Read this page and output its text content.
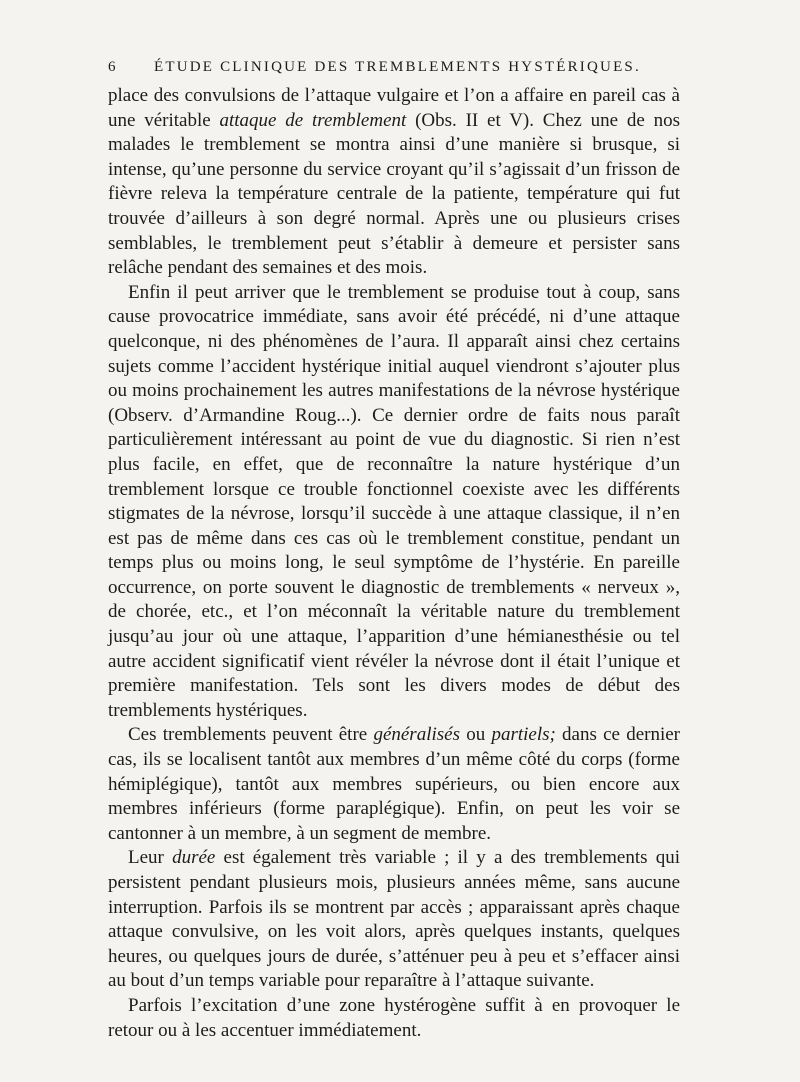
6 ÉTUDE CLINIQUE DES TREMBLEMENTS HYSTÉRIQUES.

place des convulsions de l’attaque vulgaire et l’on a affaire en pareil cas à une véritable attaque de tremblement (Obs. II et V). Chez une de nos malades le tremblement se montra ainsi d’une manière si brusque, si intense, qu’une personne du service croyant qu’il s’agissait d’un frisson de fièvre releva la température centrale de la patiente, température qui fut trouvée d’ailleurs à son degré normal. Après une ou plusieurs crises semblables, le tremblement peut s’établir à demeure et persister sans relâche pendant des semaines et des mois.

Enfin il peut arriver que le tremblement se produise tout à coup, sans cause provocatrice immédiate, sans avoir été précédé, ni d’une attaque quelconque, ni des phénomènes de l’aura. Il apparaît ainsi chez certains sujets comme l’accident hystérique initial auquel viendront s’ajouter plus ou moins prochainement les autres manifestations de la névrose hystérique (Observ. d’Armandine Roug...). Ce dernier ordre de faits nous paraît particulièrement intéressant au point de vue du diagnostic. Si rien n’est plus facile, en effet, que de reconnaître la nature hystérique d’un tremblement lorsque ce trouble fonctionnel coexiste avec les différents stigmates de la névrose, lorsqu’il succède à une attaque classique, il n’en est pas de même dans ces cas où le tremblement constitue, pendant un temps plus ou moins long, le seul symptôme de l’hystérie. En pareille occurrence, on porte souvent le diagnostic de tremblements « nerveux », de chorée, etc., et l’on méconnaît la véritable nature du tremblement jusqu’au jour où une attaque, l’apparition d’une hémianesthésie ou tel autre accident significatif vient révéler la névrose dont il était l’unique et première manifestation. Tels sont les divers modes de début des tremblements hystériques.

Ces tremblements peuvent être généralisés ou partiels; dans ce dernier cas, ils se localisent tantôt aux membres d’un même côté du corps (forme hémiplégique), tantôt aux membres supérieurs, ou bien encore aux membres inférieurs (forme paraplégique). Enfin, on peut les voir se cantonner à un membre, à un segment de membre.

Leur durée est également très variable ; il y a des tremblements qui persistent pendant plusieurs mois, plusieurs années même, sans aucune interruption. Parfois ils se montrent par accès ; apparaissant après chaque attaque convulsive, on les voit alors, après quelques instants, quelques heures, ou quelques jours de durée, s’atténuer peu à peu et s’effacer ainsi au bout d’un temps variable pour reparaître à l’attaque suivante.

Parfois l’excitation d’une zone hystérogène suffit à en provoquer le retour ou à les accentuer immédiatement.
